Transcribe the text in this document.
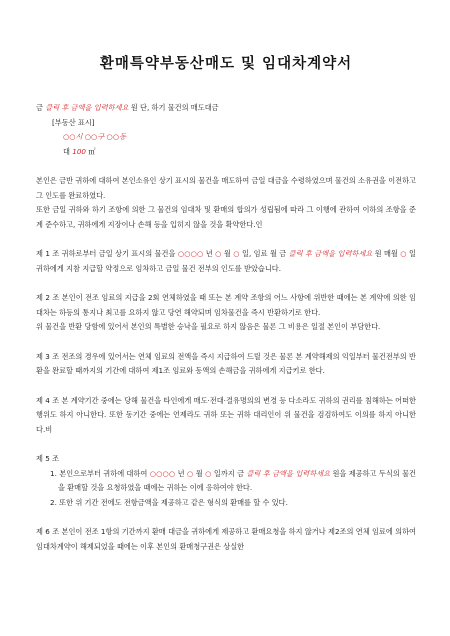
환매특약부동산매도 및 임대차계약서

금 클릭 후 금액을 입력하세요 원 단, 하기 물건의 매도대금

[부동산 표시]

○○시 ○○구 ○○동

대 100 ㎡

본인은 금반 귀하에 대하여 본인소유인 상기 표시의 물건을 매도하여 금일 대금을 수령하였으며 물건의 소유권을 이전하고 그 인도를 완료하였다.

또한 금일 귀하와 하기 조항에 의한 그 물건의 임대차 및 환매의 합의가 성립됨에 따라 그 이행에 관하여 이하의 조항을 준계 준수하고, 귀하에게 지장이나 손해 등을 입히지 않을 것을 확약한다.인

제 1 조 귀하로부터 금일 상기 표시의 물건을 ○○○○ 년 ○ 월 ○ 일, 임료 월 금 클릭 후 금액을 입력하세요 원 매월 ○ 일 귀하에게 지참 지급할 약정으로 임차하고 금일 물건 전부의 인도를 받았습니다.

제 2 조 본인이 전조 임료의 지급을 2회 연체하였을 때 또는 본 계약 조항의 어느 사항에 위반한 때에는 본 계약에 의한 임대차는 하등의 통지나 최고를 요하지 않고 당연 해약되며 임차물건을 즉시 반환하기로 한다.

위 물건을 반환 당함에 있어서 본인의 특별한 승낙을 필요로 하지 않음은 물론 그 비용은 일절 본인이 부담한다.

제 3 조 전조의 경우에 있어서는 연체 임료의 전액을 즉시 지급하여 드릴 것은 물론 본 계약해제의 익일부터 물건전부의 반환을 완료할 때까지의 기간에 대하여 제1조 임료와 동액의 손해금을 귀하에게 지급키로 한다.

제 4 조 본 계약기간 중에는 당해 물건을 타인에게 매도·전대·결유명의의 변경 등 다소라도 귀하의 권리를 침해하는 어떠한 행위도 하지 아니한다. 또한 동기간 중에는 언제라도 귀하 또는 귀하 대리인이 위 물건을 검검하여도 이의를 하지 아니한다.비

제 5 조

1. 본인으로부터 귀하에 대하여 ○○○○ 년 ○ 월 ○ 일까지 금 클릭 후 금액을 입력하세요 원을 제공하고 두식의 물건을 환매할 것을 요청하였을 때에는 귀하는 이에 응하여야 한다.

2. 또한 위 기간 전에도 전항금액을 제공하고 같은 형식의 환매를 할 수 있다.

제 6 조 본인이 전조 1항의 기간까지 환매 대금을 귀하에게 제공하고 환매요청을 하지 않거나 제2조의 연체 임료에 의하여 임대차계약이 해제되었을 때에는 이후 본인의 환매청구권은 상실한
